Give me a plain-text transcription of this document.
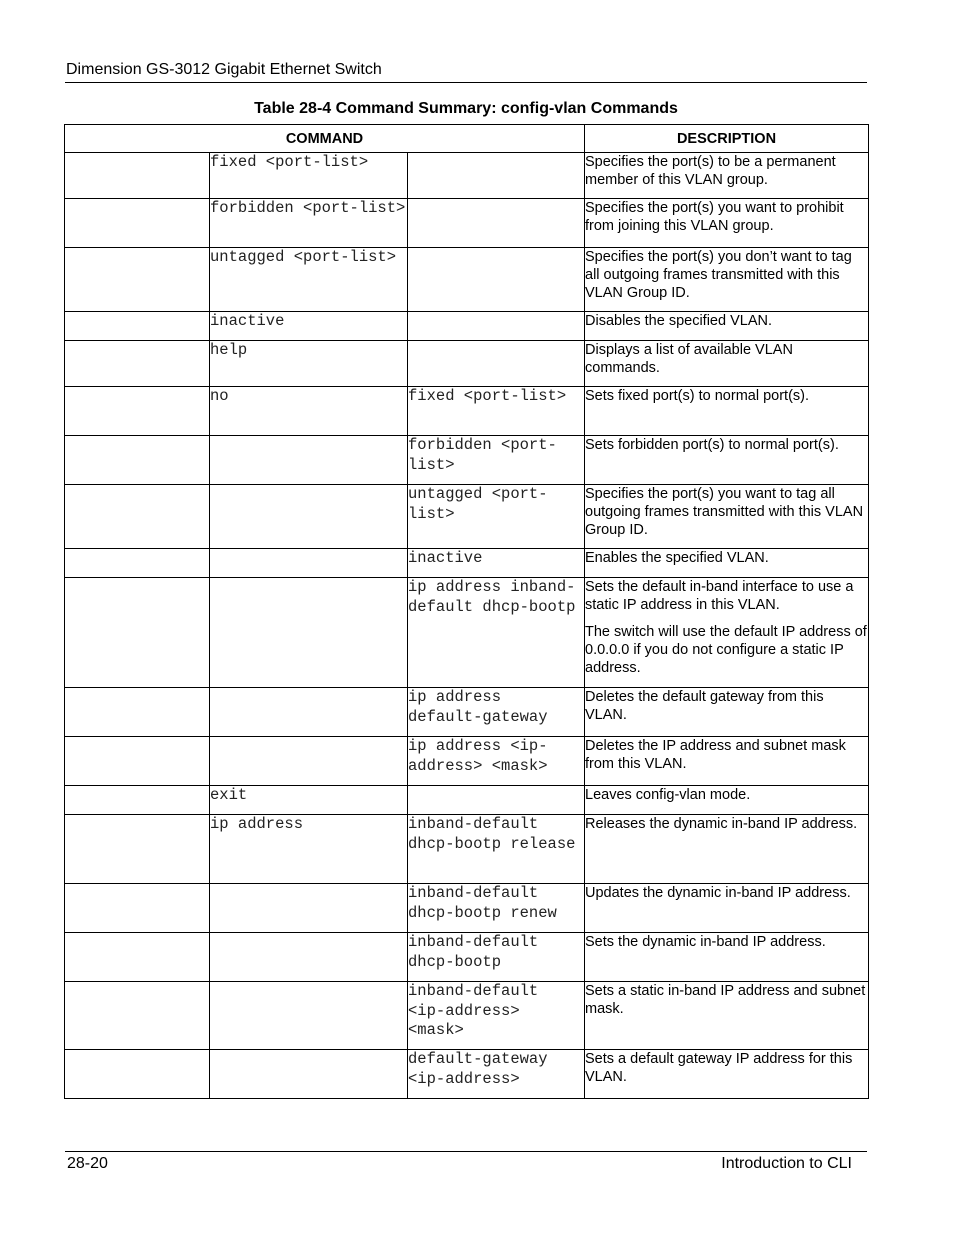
Dimension GS-3012 Gigabit Ethernet Switch
Table 28-4 Command Summary: config-vlan Commands
COMMAND			DESCRIPTION
	fixed <port-list>		Specifies the port(s) to be a permanent member of this VLAN group.

	forbidden <port-list>		Specifies the port(s) you want to prohibit from joining this VLAN group.

	untagged <port-list>		Specifies the port(s) you don’t want to tag all outgoing frames transmitted with this VLAN Group ID.

	inactive		Disables the specified VLAN.

	help		Displays a list of available VLAN commands.

	no	fixed <port-list>	Sets fixed port(s) to normal port(s).

		forbidden <port-list>	Sets forbidden port(s) to normal port(s).

		untagged <port-list>	Specifies the port(s) you want to tag all outgoing frames transmitted with this VLAN Group ID.

		inactive	Enables the specified VLAN.

		ip address inband-default dhcp-bootp	Sets the default in-band interface to use a static IP address in this VLAN.

The switch will use the default IP address of 0.0.0.0 if you do not configure a static IP address.

		ip address default-gateway	Deletes the default gateway from this VLAN.

		ip address <ip-address> <mask>	Deletes the IP address and subnet mask from this VLAN.

	exit		Leaves config-vlan mode.

	ip address	inband-default dhcp-bootp release	Releases the dynamic in-band IP address.

		inband-default dhcp-bootp renew	Updates the dynamic in-band IP address.

		inband-default dhcp-bootp	Sets the dynamic in-band IP address.

		inband-default <ip-address> <mask>	Sets a static in-band IP address and subnet mask.

		default-gateway <ip-address>	Sets a default gateway IP address for this VLAN.

28-20	Introduction to CLI
